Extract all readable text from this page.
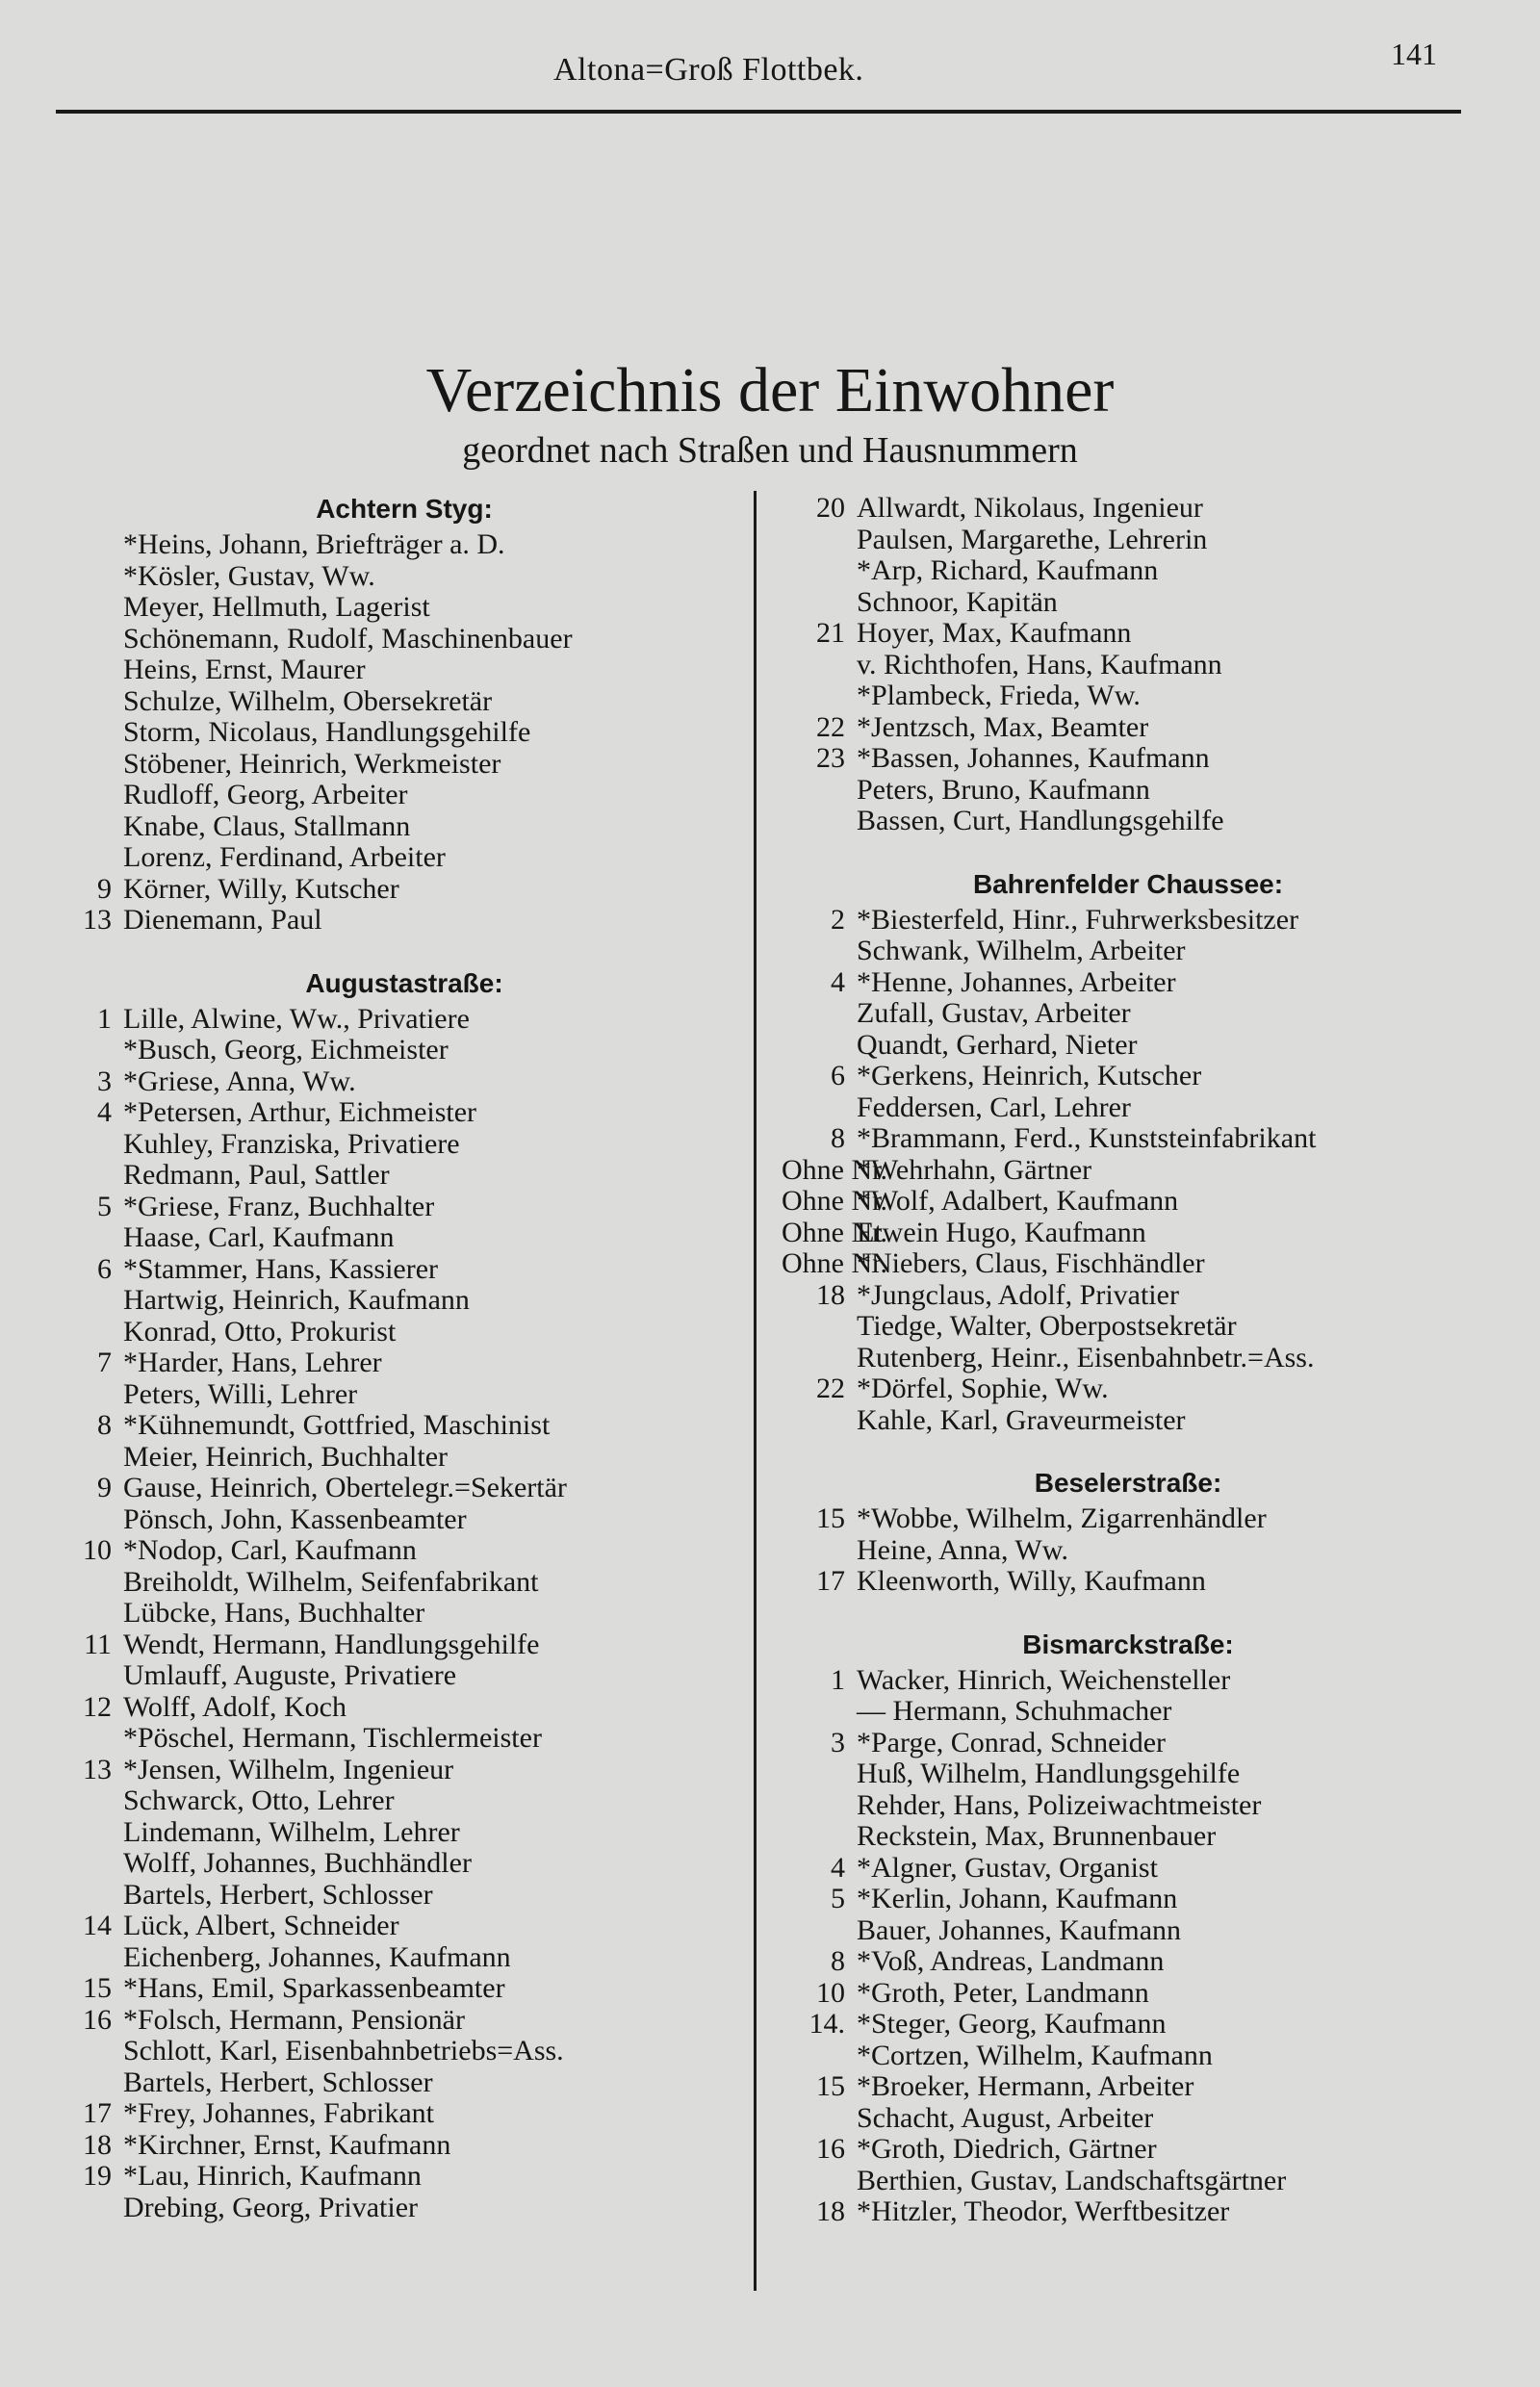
Altona=Groß Flottbek.	141
Verzeichnis der Einwohner
geordnet nach Straßen und Hausnummern
Achtern Styg:
*Heins, Johann, Briefträger a. D.
*Kösler, Gustav, Ww.
Meyer, Hellmuth, Lagerist
Schönemann, Rudolf, Maschinenbauer
Heins, Ernst, Maurer
Schulze, Wilhelm, Obersekretär
Storm, Nicolaus, Handlungsgehilfe
Stöbener, Heinrich, Werkmeister
Rudloff, Georg, Arbeiter
Knabe, Claus, Stallmann
Lorenz, Ferdinand, Arbeiter
9 Körner, Willy, Kutscher
13 Dienemann, Paul
Augustastraße:
1 Lille, Alwine, Ww., Privatiere
*Busch, Georg, Eichmeister
3 *Griese, Anna, Ww.
4 *Petersen, Arthur, Eichmeister
Kuhley, Franziska, Privatiere
Redmann, Paul, Sattler
5 *Griese, Franz, Buchhalter
Haase, Carl, Kaufmann
6 *Stammer, Hans, Kassierer
Hartwig, Heinrich, Kaufmann
Konrad, Otto, Prokurist
7 *Harder, Hans, Lehrer
Peters, Willi, Lehrer
8 *Kühnemundt, Gottfried, Maschinist
Meier, Heinrich, Buchhalter
9 Gause, Heinrich, Obertelegr.=Sekertär
Pönsch, John, Kassenbeamter
10 *Nodop, Carl, Kaufmann
Breiholdt, Wilhelm, Seifenfabrikant
Lübcke, Hans, Buchhalter
11 Wendt, Hermann, Handlungsgehilfe
Umlauff, Auguste, Privatiere
12 Wolff, Adolf, Koch
*Pöschel, Hermann, Tischlermeister
13 *Jensen, Wilhelm, Ingenieur
Schwarck, Otto, Lehrer
Lindemann, Wilhelm, Lehrer
Wolff, Johannes, Buchhändler
Bartels, Herbert, Schlosser
14 Lück, Albert, Schneider
Eichenberg, Johannes, Kaufmann
15 *Hans, Emil, Sparkassenbeamter
16 *Folsch, Hermann, Pensionär
Schlott, Karl, Eisenbahnbetriebs=Ass.
Bartels, Herbert, Schlosser
17 *Frey, Johannes, Fabrikant
18 *Kirchner, Ernst, Kaufmann
19 *Lau, Hinrich, Kaufmann
Drebing, Georg, Privatier
20 Allwardt, Nikolaus, Ingenieur
Paulsen, Margarethe, Lehrerin
*Arp, Richard, Kaufmann
Schnoor, Kapitän
21 Hoyer, Max, Kaufmann
v. Richthofen, Hans, Kaufmann
*Plambeck, Frieda, Ww.
22 *Jentzsch, Max, Beamter
23 *Bassen, Johannes, Kaufmann
Peters, Bruno, Kaufmann
Bassen, Curt, Handlungsgehilfe
Bahrenfelder Chaussee:
2 *Biesterfeld, Hinr., Fuhrwerksbesitzer
Schwank, Wilhelm, Arbeiter
4 *Henne, Johannes, Arbeiter
Zufall, Gustav, Arbeiter
Quandt, Gerhard, Nieter
6 *Gerkens, Heinrich, Kutscher
Feddersen, Carl, Lehrer
8 *Brammann, Ferd., Kunststeinfabrikant
Ohne Nr.
*Wehrhahn, Gärtner
Ohne Nr.
*Wolf, Adalbert, Kaufmann
Ohne Nr.
Etwein Hugo, Kaufmann
Ohne Nr.
*Niebers, Claus, Fischhändler
18 *Jungclaus, Adolf, Privatier
Tiedge, Walter, Oberpostsekretär
Rutenberg, Heinr., Eisenbahnbetr.=Ass.
22 *Dörfel, Sophie, Ww.
Kahle, Karl, Graveurmeister
Beselerstraße:
15 *Wobbe, Wilhelm, Zigarrenhändler
Heine, Anna, Ww.
17 Kleenworth, Willy, Kaufmann
Bismarckstraße:
1 Wacker, Hinrich, Weichensteller
— Hermann, Schuhmacher
3 *Parge, Conrad, Schneider
Huß, Wilhelm, Handlungsgehilfe
Rehder, Hans, Polizeiwachtmeister
Reckstein, Max, Brunnenbauer
4 *Algner, Gustav, Organist
5 *Kerlin, Johann, Kaufmann
Bauer, Johannes, Kaufmann
8 *Voß, Andreas, Landmann
10 *Groth, Peter, Landmann
14. *Steger, Georg, Kaufmann
*Cortzen, Wilhelm, Kaufmann
15 *Broeker, Hermann, Arbeiter
Schacht, August, Arbeiter
16 *Groth, Diedrich, Gärtner
Berthien, Gustav, Landschaftsgärtner
18 *Hitzler, Theodor, Werftbesitzer
